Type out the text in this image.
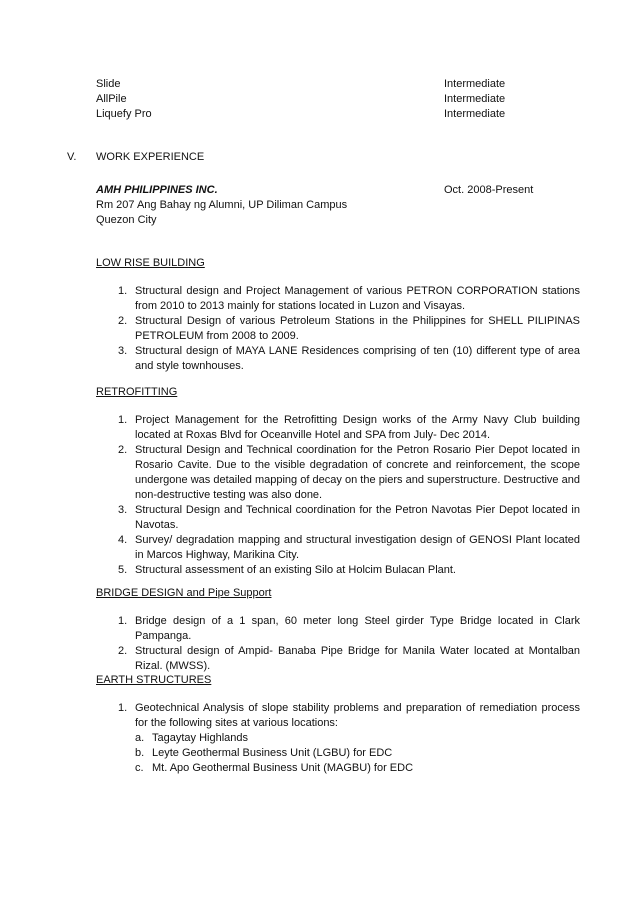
Slide	Intermediate
AllPile	Intermediate
Liquefy Pro	Intermediate
V. WORK EXPERIENCE
AMH PHILIPPINES INC.	Oct. 2008-Present
Rm 207 Ang Bahay ng Alumni, UP Diliman Campus
Quezon City
LOW RISE BUILDING
1. Structural design and Project Management of various PETRON CORPORATION stations from 2010 to 2013 mainly for stations located in Luzon and Visayas.
2. Structural Design of various Petroleum Stations in the Philippines for SHELL PILIPINAS PETROLEUM from 2008 to 2009.
3. Structural design of MAYA LANE Residences comprising of ten (10) different type of area and style townhouses.
RETROFITTING
1. Project Management for the Retrofitting Design works of the Army Navy Club building located at Roxas Blvd for Oceanville Hotel and SPA from July- Dec 2014.
2. Structural Design and Technical coordination for the Petron Rosario Pier Depot located in Rosario Cavite. Due to the visible degradation of concrete and reinforcement, the scope undergone was detailed mapping of decay on the piers and superstructure. Destructive and non-destructive testing was also done.
3. Structural Design and Technical coordination for the Petron Navotas Pier Depot located in Navotas.
4. Survey/ degradation mapping and structural investigation design of GENOSI Plant located in Marcos Highway, Marikina City.
5. Structural assessment of an existing Silo at Holcim Bulacan Plant.
BRIDGE DESIGN and Pipe Support
1. Bridge design of a 1 span, 60 meter long Steel girder Type Bridge located in Clark Pampanga.
2. Structural design of Ampid- Banaba Pipe Bridge for Manila Water located at Montalban Rizal. (MWSS).
EARTH STRUCTURES
1. Geotechnical Analysis of slope stability problems and preparation of remediation process for the following sites at various locations:
a. Tagaytay Highlands
b. Leyte Geothermal Business Unit (LGBU) for EDC
c. Mt. Apo Geothermal Business Unit (MAGBU) for EDC
